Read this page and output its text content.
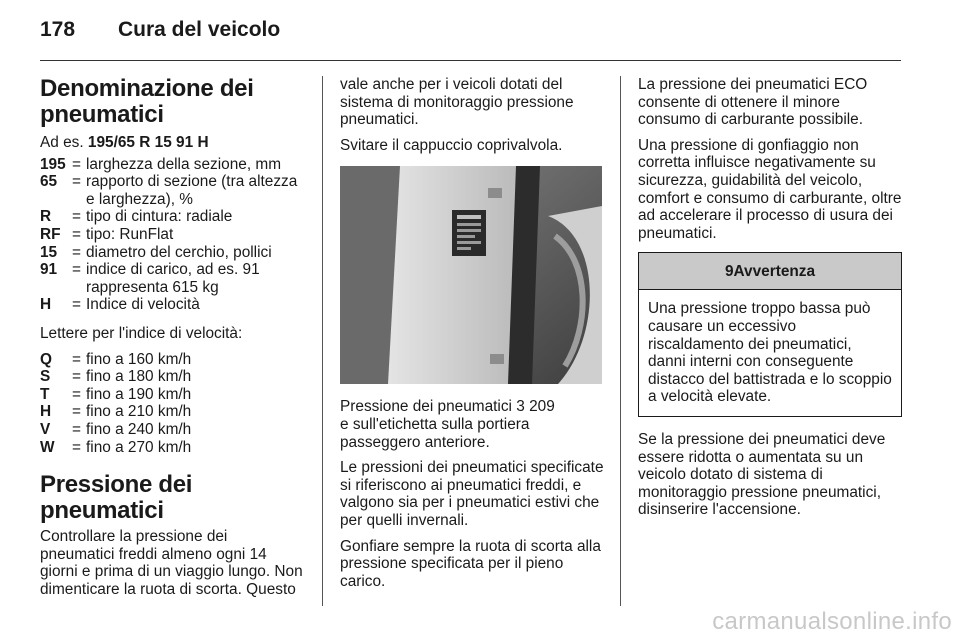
178 Cura del veicolo
Denominazione dei pneumatici

Ad es. 195/65 R 15 91 H

195 = larghezza della sezione, mm
65 = rapporto di sezione (tra altezza e larghezza), %
R	= tipo di cintura: radiale
RF = tipo: RunFlat
15 = diametro del cerchio, pollici
91 = indice di carico, ad es. 91 rappresenta 615 kg
H	= Indice di velocità

Lettere per l'indice di velocità:

Q	= fino a 160 km/h
S	= fino a 180 km/h
T	= fino a 190 km/h
H	= fino a 210 km/h
V	= fino a 240 km/h
W	= fino a 270 km/h
Pressione dei pneumatici

Controllare la pressione dei pneumatici freddi almeno ogni 14 giorni e prima di un viaggio lungo. Non dimenticare la ruota di scorta. Questo

vale anche per i veicoli dotati del sistema di monitoraggio pressione pneumatici.

Svitare il cappuccio coprivalvola.

Pressione dei pneumatici 3 209

e sull'etichetta sulla portiera passeggero anteriore.

Le pressioni dei pneumatici specificate si riferiscono ai pneumatici freddi, e valgono sia per i pneumatici estivi che per quelli invernali.

Gonfiare sempre la ruota di scorta alla pressione specificata per il pieno carico.

La pressione dei pneumatici ECO consente di ottenere il minore consumo di carburante possibile.

Una pressione di gonfiaggio non corretta influisce negativamente su sicurezza, guidabilità del veicolo, comfort e consumo di carburante, oltre ad accelerare il processo di usura dei pneumatici.

9 Avvertenza
Una pressione troppo bassa può causare un eccessivo riscaldamento dei pneumatici, danni interni con conseguente distacco del battistrada e lo scoppio a velocità elevate.

Se la pressione dei pneumatici deve essere ridotta o aumentata su un veicolo dotato di sistema di monitoraggio pressione pneumatici, disinserire l'accensione.

carmanualsonline.info
